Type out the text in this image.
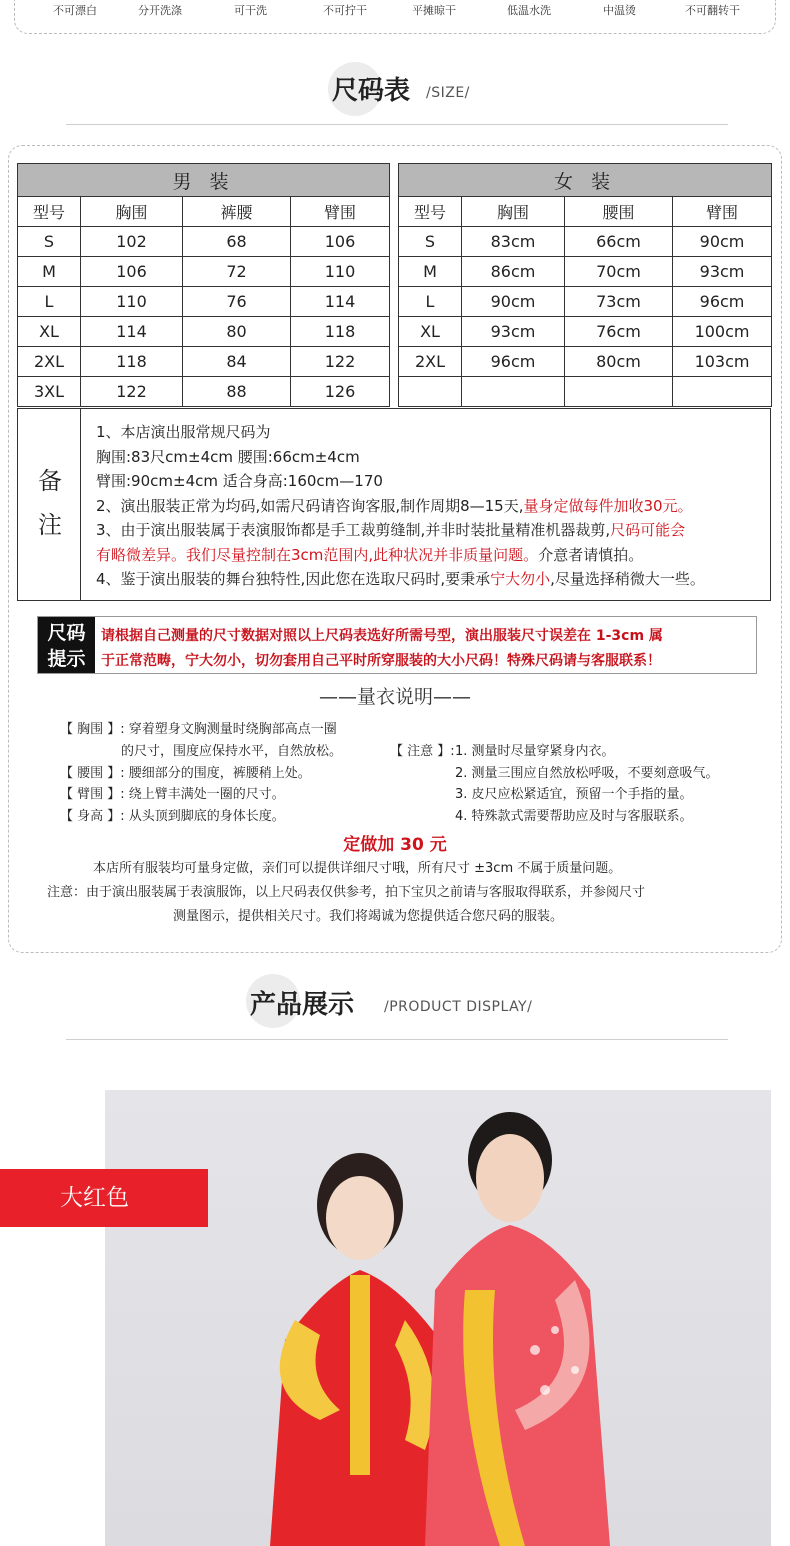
不可漂白	分开洗涤	可干洗	不可拧干	平摊晾干	低温水洗	中温烫	不可翻转干
尺码表 /SIZE/
男 装			
型号	胸围	裤腰	臂围
S	102	68	106
M	106	72	110
L	110	76	114
XL	114	80	118
2XL	118	84	122
3XL	122	88	126
女 装			
型号	胸围	腰围	臂围
S	83cm	66cm	90cm
M	86cm	70cm	93cm
L	90cm	73cm	96cm
XL	93cm	76cm	100cm
2XL	96cm	80cm	103cm

备
注
1、本店演出服常规尺码为
胸围:83尺cm±4cm 腰围:66cm±4cm
臂围:90cm±4cm 适合身高:160cm—170
2、演出服装正常为均码,如需尺码请咨询客服,制作周期8—15天,量身定做每件加收30元。
3、由于演出服装属于表演服饰都是手工裁剪缝制,并非时装批量精准机器裁剪,尺码可能会
有略微差异。我们尽量控制在3cm范围内,此种状况并非质量问题。介意者请慎拍。
4、鉴于演出服装的舞台独特性,因此您在选取尺码时,要秉承宁大勿小,尽量选择稍微大一些。
尺码
提示
请根据自己测量的尺寸数据对照以上尺码表选好所需号型，演出服装尺寸误差在 1-3cm 属
于正常范畴，宁大勿小，切勿套用自己平时所穿服装的大小尺码！特殊尺码请与客服联系！
——量衣说明——
【 胸围 】: 穿着塑身文胸测量时绕胸部高点一圈
的尺寸，围度应保持水平，自然放松。
【 腰围 】: 腰细部分的围度，裤腰稍上处。
【 臂围 】: 绕上臂丰满处一圈的尺寸。
【 身高 】: 从头顶到脚底的身体长度。
【 注意 】: 1. 测量时尽量穿紧身内衣。
2. 测量三围应自然放松呼吸，不要刻意吸气。
3. 皮尺应松紧适宜，预留一个手指的量。
4. 特殊款式需要帮助应及时与客服联系。
定做加 30 元
本店所有服装均可量身定做，亲们可以提供详细尺寸哦，所有尺寸 ±3cm 不属于质量问题。
注意：由于演出服装属于表演服饰，以上尺码表仅供参考，拍下宝贝之前请与客服取得联系，并参阅尺寸
测量图示，提供相关尺寸。我们将竭诚为您提供适合您尺码的服装。
产品展示 /PRODUCT DISPLAY/
大红色
